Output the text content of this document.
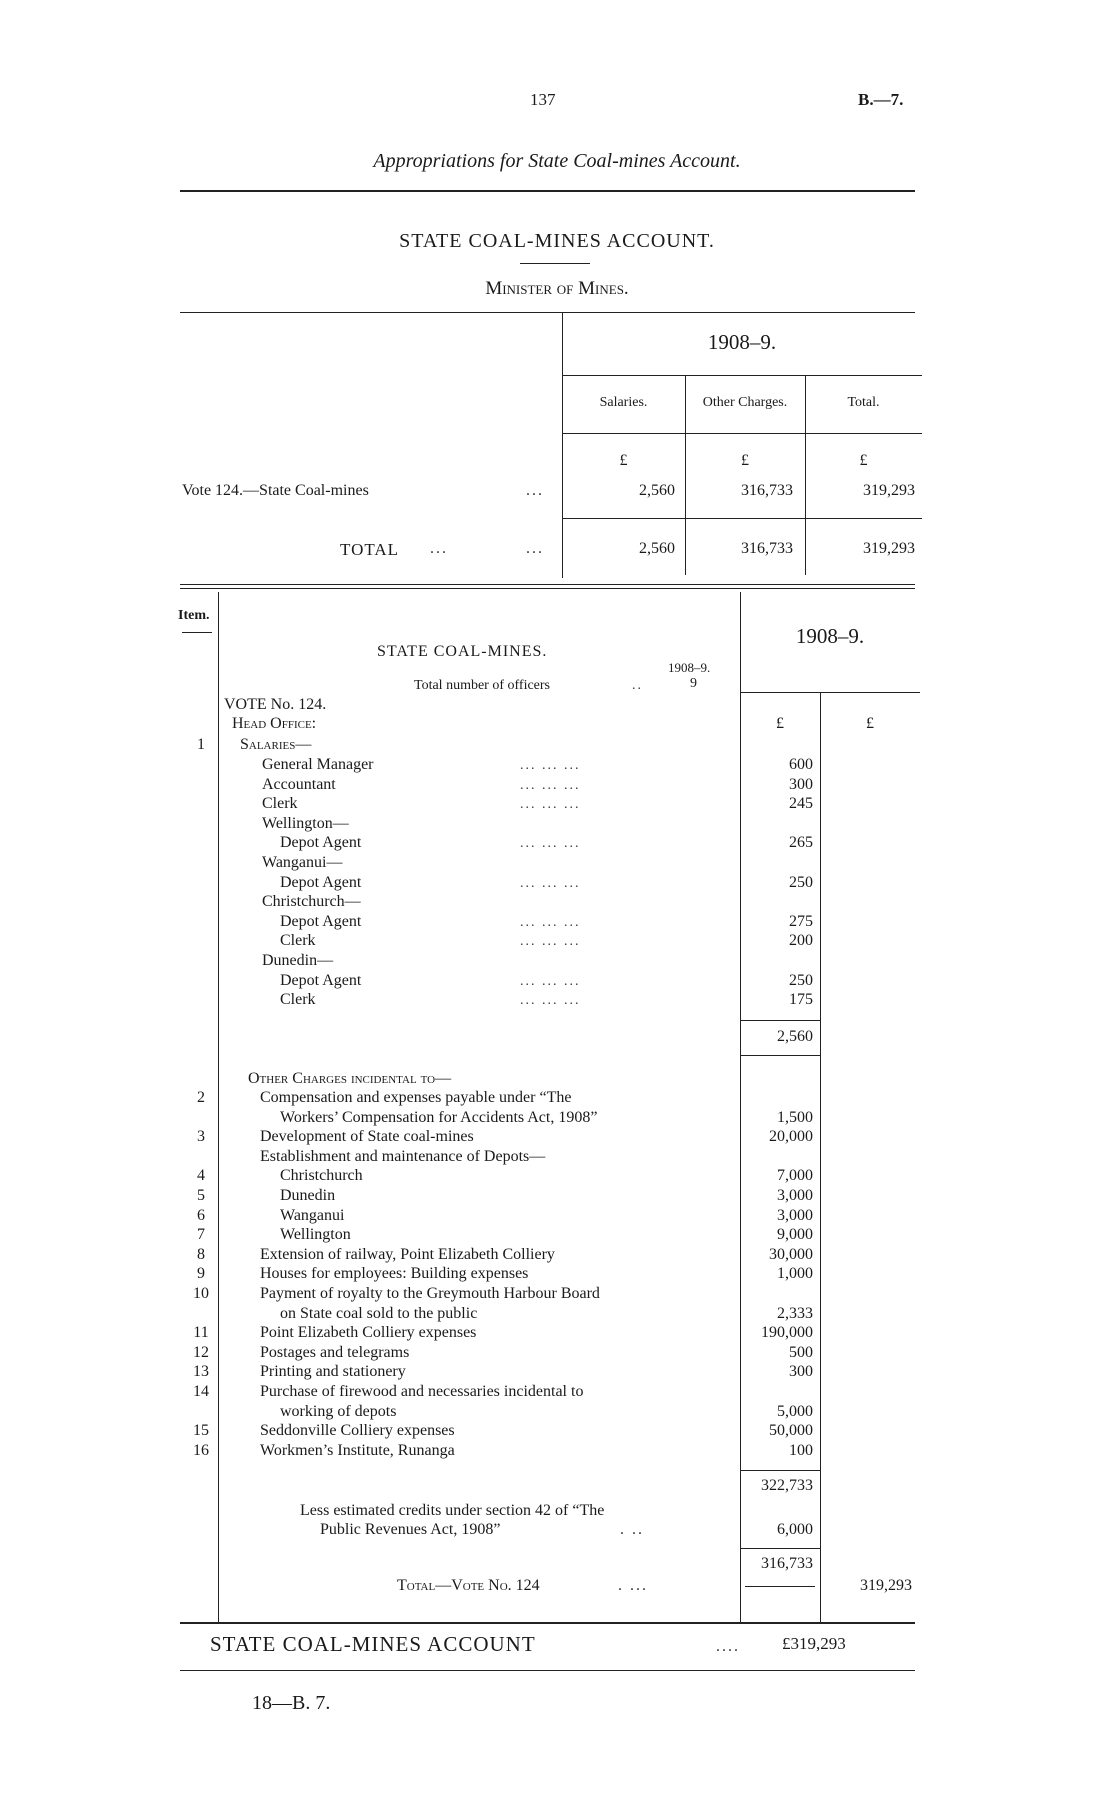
137	B.—7.
Appropriations for State Coal-mines Account.
STATE COAL-MINES ACCOUNT.
Minister of Mines.
1908–9.
Salaries.	Other Charges.	Total.
£	£	£
Vote 124.—State Coal-mines	...	2,560	316,733	319,293
TOTAL ...	...	2,560	316,733	319,293
Item.
STATE COAL-MINES.
1908–9.
Total number of officers	..	9
1908–9.
VOTE No. 124.
Head Office:	£	£
1	Salaries—
General Manager	... ... ...	600
Accountant	... ... ...	300
Clerk	... ... ...	245
Wellington—
Depot Agent	... ... ...	265
Wanganui—
Depot Agent	... ... ...	250
Christchurch—
Depot Agent	... ... ...	275
Clerk	... ... ...	200
Dunedin—
Depot Agent	... ... ...	250
Clerk	... ... ...	175
2,560
Other Charges incidental to—
2	Compensation and expenses payable under “The
Workers’ Compensation for Accidents Act, 1908”	1,500
3	Development of State coal-mines	20,000
Establishment and maintenance of Depots—
4	Christchurch	7,000
5	Dunedin	3,000
6	Wanganui	3,000
7	Wellington	9,000
8	Extension of railway, Point Elizabeth Colliery	30,000
9	Houses for employees: Building expenses	1,000
10	Payment of royalty to the Greymouth Harbour Board
on State coal sold to the public	2,333
11	Point Elizabeth Colliery expenses	190,000
12	Postages and telegrams	500
13	Printing and stationery	300
14	Purchase of firewood and necessaries incidental to
working of depots	5,000
15	Seddonville Colliery expenses	50,000
16	Workmen’s Institute, Runanga	100
322,733
Less estimated credits under section 42 of “The
Public Revenues Act, 1908”	. ..	6,000
316,733
Total—Vote No. 124	. ...	319,293
STATE COAL-MINES ACCOUNT	.... £319,293
18—B. 7.
